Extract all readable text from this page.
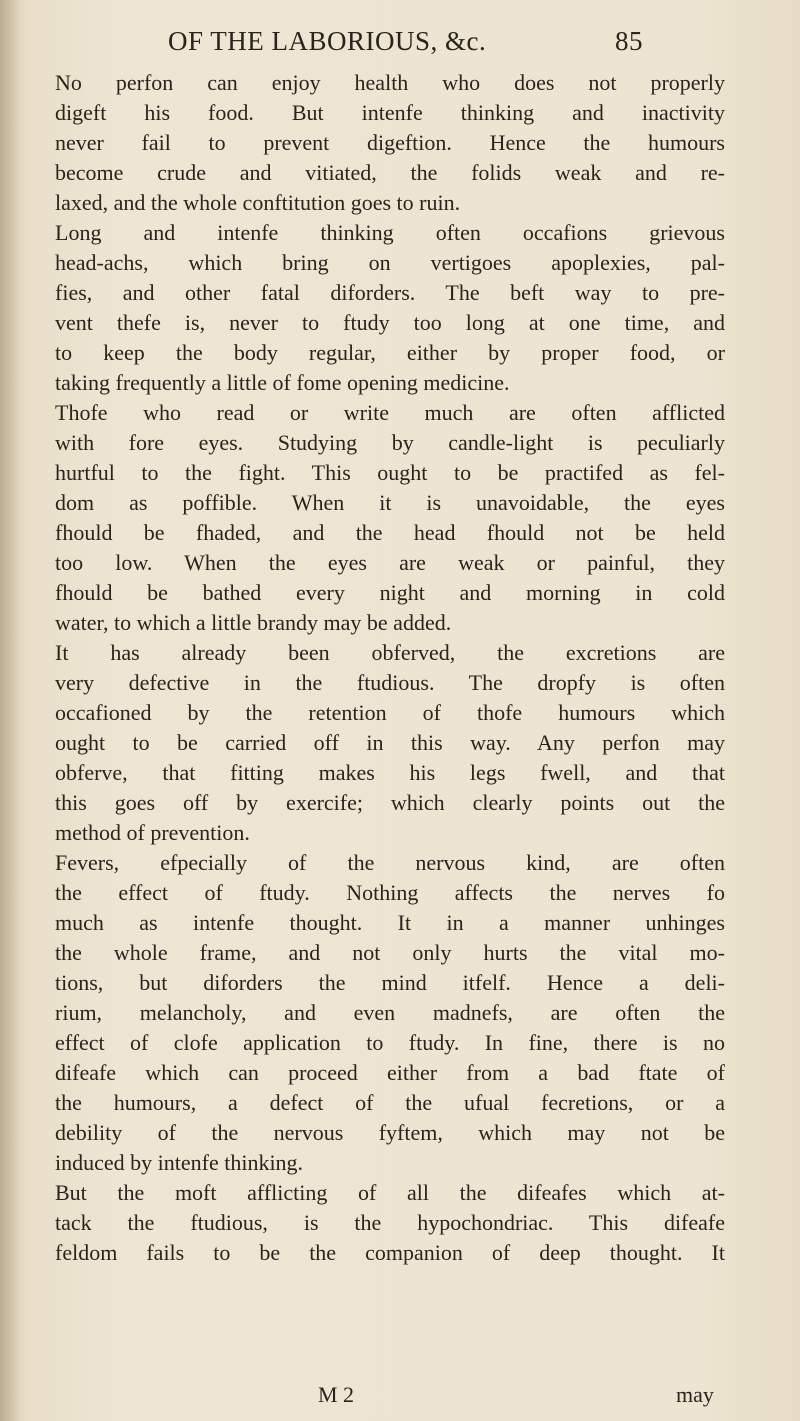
OF THE LABORIOUS, &c.	85
No perfon can enjoy health who does not properly
digeft his food. But intenfe thinking and inactivity
never fail to prevent digeftion. Hence the humours
become crude and vitiated, the folids weak and re-
laxed, and the whole conftitution goes to ruin.
Long and intenfe thinking often occafions grievous
head-achs, which bring on vertigoes apoplexies, pal-
fies, and other fatal diforders. The beft way to pre-
vent thefe is, never to ftudy too long at one time, and
to keep the body regular, either by proper food, or
taking frequently a little of fome opening medicine.
Thofe who read or write much are often afflicted
with fore eyes. Studying by candle-light is peculiarly
hurtful to the fight. This ought to be practifed as fel-
dom as poffible. When it is unavoidable, the eyes
fhould be fhaded, and the head fhould not be held
too low. When the eyes are weak or painful, they
fhould be bathed every night and morning in cold
water, to which a little brandy may be added.
It has already been obferved, the excretions are
very defective in the ftudious. The dropfy is often
occafioned by the retention of thofe humours which
ought to be carried off in this way. Any perfon may
obferve, that fitting makes his legs fwell, and that
this goes off by exercife; which clearly points out the
method of prevention.
Fevers, efpecially of the nervous kind, are often
the effect of ftudy. Nothing affects the nerves fo
much as intenfe thought. It in a manner unhinges
the whole frame, and not only hurts the vital mo-
tions, but diforders the mind itfelf. Hence a deli-
rium, melancholy, and even madnefs, are often the
effect of clofe application to ftudy. In fine, there is no
difeafe which can proceed either from a bad ftate of
the humours, a defect of the ufual fecretions, or a
debility of the nervous fyftem, which may not be
induced by intenfe thinking.
But the moft afflicting of all the difeafes which at-
tack the ftudious, is the hypochondriac. This difeafe
feldom fails to be the companion of deep thought. It
M 2	may
